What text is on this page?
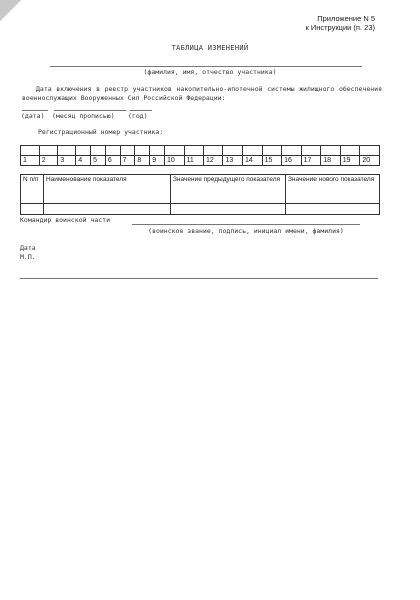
NoNumber.ru	Приложение N 5
к Инструкции (п. 23)
ТАБЛИЦА ИЗМЕНЕНИЙ
(фамилия, имя, отчество участника)
Дата включения в реестр участников накопительно-ипотечной системы жилищного обеспечения военнослужащих Вооруженных Сил Российской Федерации:
(дата) (месяц прописью) (год)
Регистрационный номер участника:

1	2	3	4	5	6	7	8	9	10	11	12	13	14	15	16	17	18	19	20
N п/п	Наименование показателя	Значение предыдущего показателя	Значение нового показателя

Командир воинской части
(воинское звание, подпись, инициал имени, фамилия)
Дата
М.П.
